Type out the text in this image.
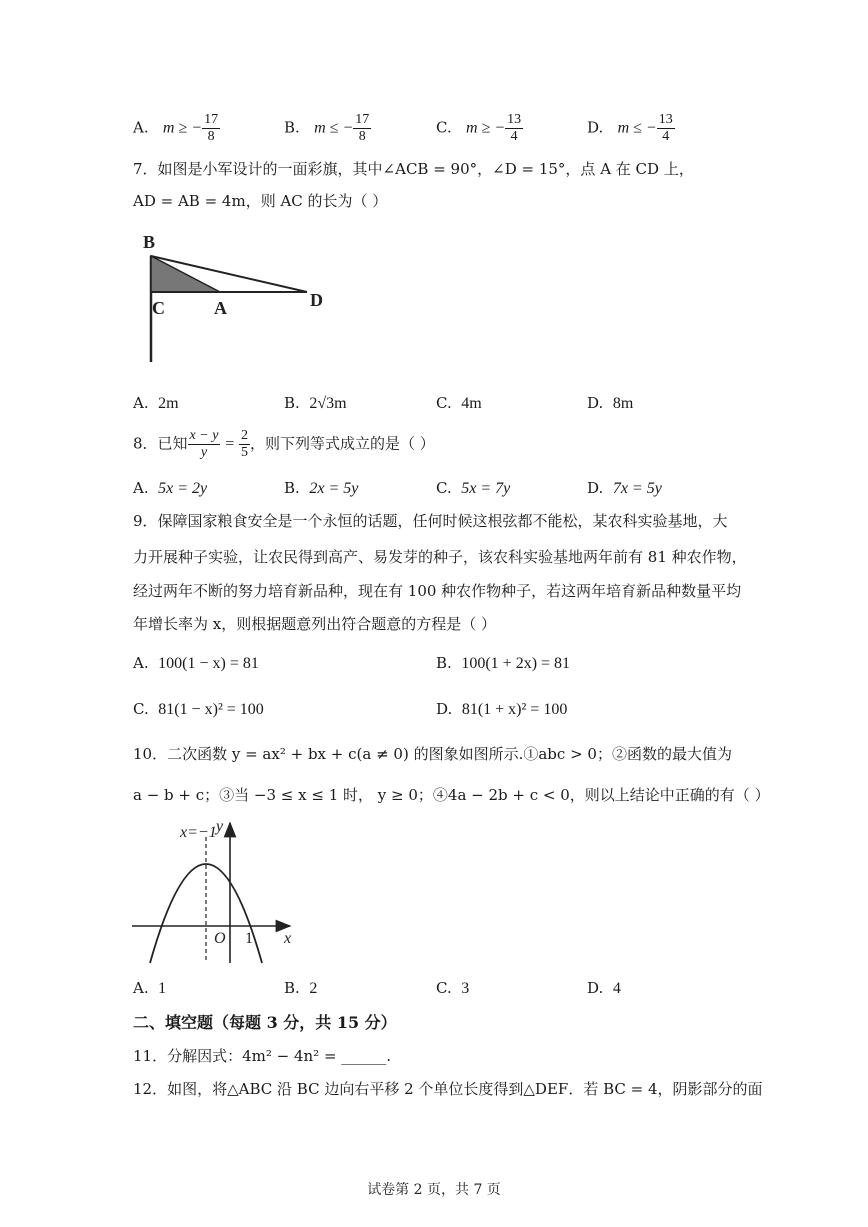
A. m ≥ − $\frac{17}{8}$	B. m ≤ − $\frac{17}{8}$	C. m ≥ − $\frac{13}{4}$	D. m ≤ − $\frac{13}{4}$
7．如图是小军设计的一面彩旗，其中∠ACB = 90°，∠D = 15°，点 A 在 CD 上，
AD = AB = 4m，则 AC 的长为（ ）
B
C	A	D
A. 2m	B. 2√3m	C. 4m	D. 8m
8．已知 $\frac{x - y}{y} = \frac{2}{5}$ ，则下列等式成立的是（ ）
A. 5x = 2y	B. 2x = 5y	C. 5x = 7y	D. 7x = 5y
9．保障国家粮食安全是一个永恒的话题，任何时候这根弦都不能松，某农科实验基地，大
力开展种子实验，让农民得到高产、易发芽的种子，该农科实验基地两年前有 81 种农作物，
经过两年不断的努力培育新品种，现在有 100 种农作物种子，若这两年培育新品种数量平均
年增长率为 x，则根据题意列出符合题意的方程是（ ）
A. 100(1 − x) = 81	B. 100(1 + 2x) = 81
C. 81(1 − x)² = 100	D. 81(1 + x)² = 100
10．二次函数 y = ax² + bx + c(a ≠ 0) 的图象如图所示.①abc > 0；②函数的最大值为
a − b + c；③当 −3 ≤ x ≤ 1 时， y ≥ 0；④4a − 2b + c < 0，则以上结论中正确的有（ ）
x=−1 y
x
O 1
A. 1	B. 2	C. 3	D. 4
二、填空题（每题 3 分，共 15 分）
11．分解因式：4m² − 4n² = ______.
12．如图，将△ABC 沿 BC 边向右平移 2 个单位长度得到△DEF．若 BC = 4，阴影部分的面
试卷第 2 页，共 7 页
